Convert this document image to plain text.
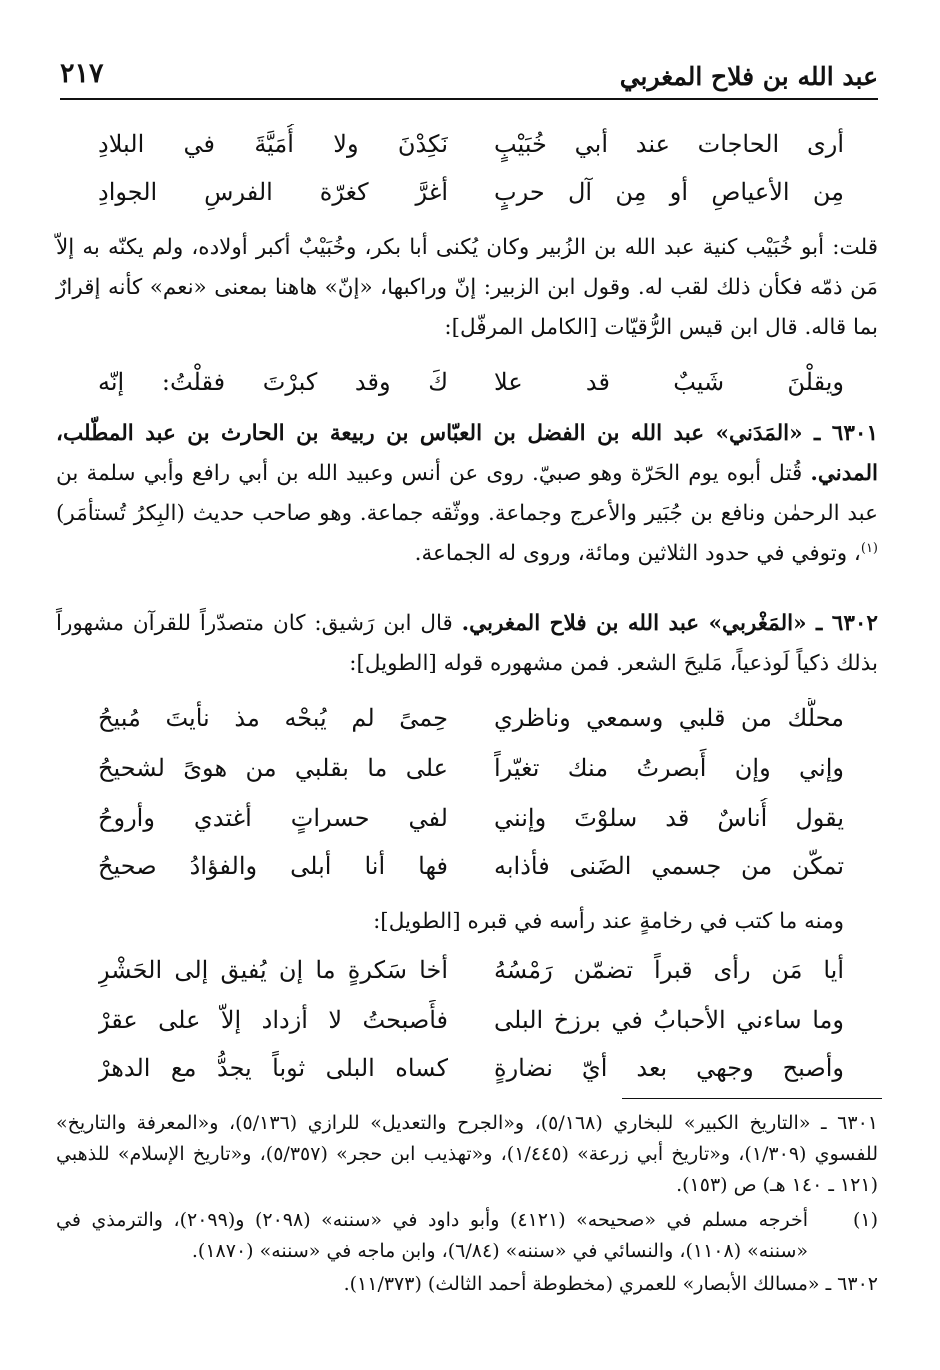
عبد الله بن فلاح المغربي
٢١٧
أرى الحاجات عند أبي خُبَيْبٍ
نَكِدْنَ ولا أُمَيَّةَ في البلادِ
مِن الأعياصِ أو مِن آل حربٍ
أغرَّ كغرّة الفرسِ الجوادِ
قلت: أبو خُبَيْب كنية عبد الله بن الزُبير وكان يُكنى أبا بكر، وخُبَيْبٌ أكبر أولاده، ولم يكنّه به إلاّ مَن ذمّه فكأن ذلك لقب له. وقول ابن الزبير: إنّ وراكبها، «إنّ» هاهنا بمعنى «نعم» كأنه إقرارٌ بما قاله. قال ابن قيس الرُّقيّات [الكامل المرفّل]:
ويقلْنَ شَيبٌ قد علا
كَ وقد كبرْتَ فقلْتُ: إنّه
٦٣٠١ ـ «المَدَني» عبد الله بن الفضل بن العبّاس بن ربيعة بن الحارث بن عبد المطّلب، المدني. قُتل أبوه يوم الحَرّة وهو صبيّ. روى عن أنس وعبيد الله بن أبي رافع وأبي سلمة بن عبد الرحمٰن ونافع بن جُبَير والأعرج وجماعة. ووثّقه جماعة. وهو صاحب حديث (البِكرُ تُستأمَر)$^{(١)}$، وتوفي في حدود الثلاثين ومائة، وروى له الجماعة.
٦٣٠٢ ـ «المَغْربي» عبد الله بن فلاح المغربي. قال ابن رَشيق: كان متصدّراً للقرآن مشهوراً بذلك ذكياً لَوذعياً، مَليحَ الشعر. فمن مشهوره قوله [الطويل]:
محلُّك من قلبي وسمعي وناظري
حِمىً لم يُبحْه مذ نأيتَ مُبيحُ
وإني وإن أَبصرتُ منك تغيّراً
على ما بقلبي من هوىً لشحيحُ
يقول أُناسٌ قد سلوْتَ وإنني
لفي حسراتٍ أغتدي وأروحُ
تمكّن من جسمي الضَنى فأذابه
فها أنا أبلى والفؤادُ صحيحُ
ومنه ما كتب في رخامةٍ عند رأسه في قبره [الطويل]:
أيا مَن رأى قبراً تضمّن رَمْسُهُ
أخا سَكرةٍ ما إن يُفيق إلى الحَشْرِ
وما ساءني الأحبابُ في برزخ البلى
فأَصبحتُ لا أزداد إلاّ على عقرْ
وأصبح وجهي بعد أيّ نضارةٍ
كساه البلى ثوباً يجدُّ مع الدهرْ
٦٣٠١ ـ «التاريخ الكبير» للبخاري (٥/١٦٨)، و«الجرح والتعديل» للرازي (٥/١٣٦)، و«المعرفة والتاريخ» للفسوي (١/٣٠٩)، و«تاريخ أبي زرعة» (١/٤٤٥)، و«تهذيب ابن حجر» (٥/٣٥٧)، و«تاريخ الإسلام» للذهبي (١٢١ ـ ١٤٠ هـ) ص (١٥٣).
(١)
أخرجه مسلم في «صحيحه» (٤١٢١) وأبو داود في «سننه» (٢٠٩٨) و(٢٠٩٩)، والترمذي في «سننه» (١١٠٨)، والنسائي في «سننه» (٦/٨٤)، وابن ماجه في «سننه» (١٨٧٠).
٦٣٠٢ ـ «مسالك الأبصار» للعمري (مخطوطة أحمد الثالث) (١١/٣٧٣).
